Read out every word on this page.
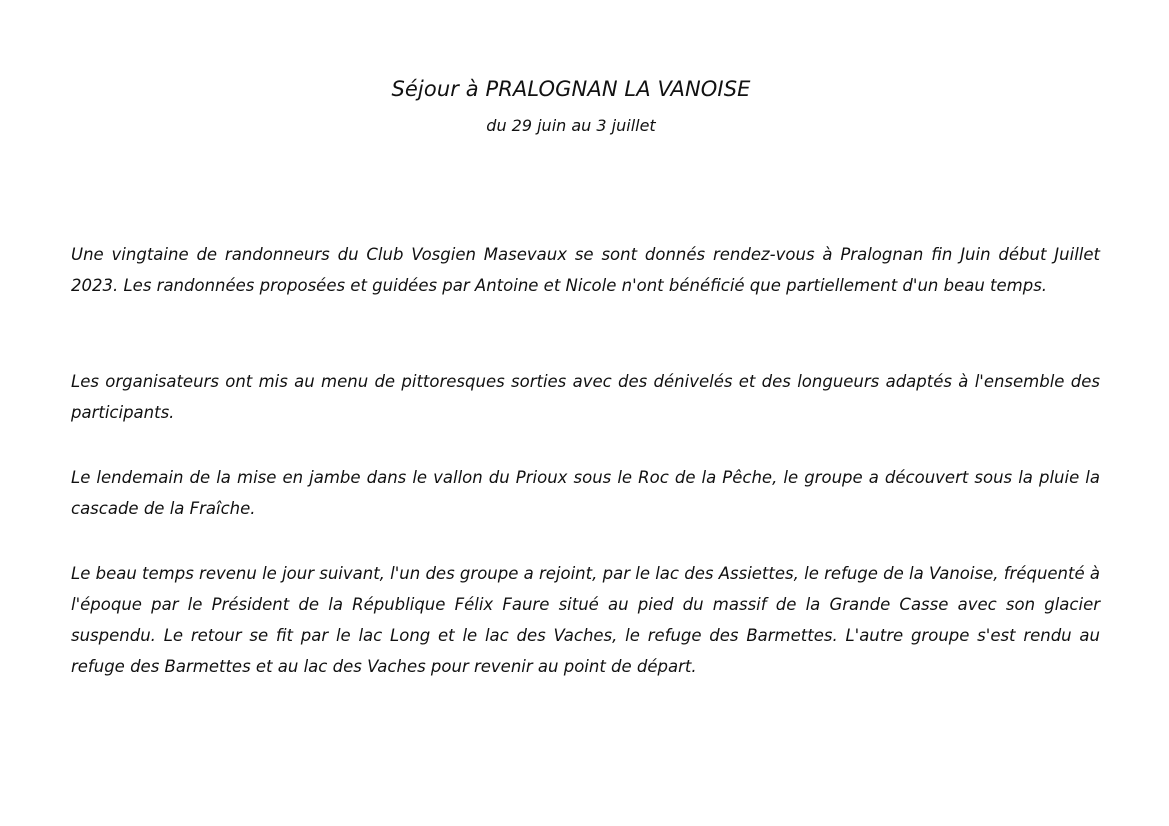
Séjour à PRALOGNAN LA VANOISE

du 29 juin au 3 juillet

Une vingtaine de randonneurs du Club Vosgien Masevaux se sont donnés rendez-vous à Pralognan fin Juin début Juillet 2023. Les randonnées proposées et guidées par Antoine et Nicole n'ont bénéficié que partiellement d'un beau temps.

Les organisateurs ont mis au menu de pittoresques sorties avec des dénivelés et des longueurs adaptés à l'ensemble des participants.

Le lendemain de la mise en jambe dans le vallon du Prioux sous le Roc de la Pêche, le groupe a découvert sous la pluie la cascade de la Fraîche.

Le beau temps revenu le jour suivant, l'un des groupe a rejoint, par le lac des Assiettes, le refuge de la Vanoise, fréquenté à l'époque par le Président de la République Félix Faure situé au pied du massif de la Grande Casse avec son glacier suspendu. Le retour se fit par le lac Long et le lac des Vaches, le refuge des Barmettes. L'autre groupe s'est rendu au refuge des Barmettes et au lac des Vaches pour revenir au point de départ.
